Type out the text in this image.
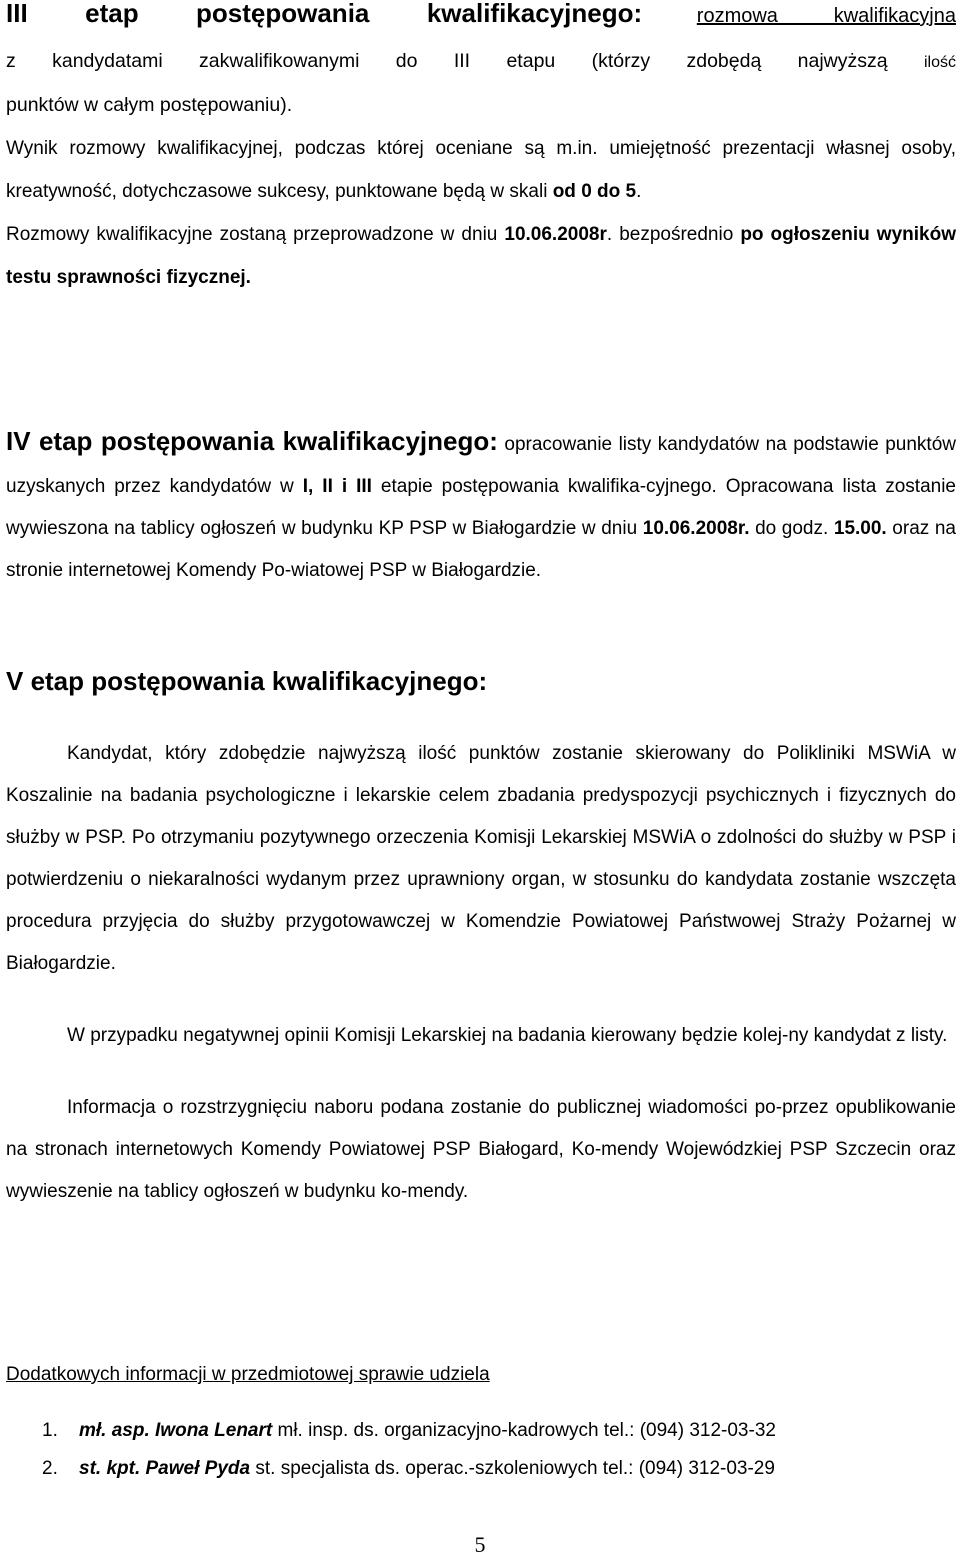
III etap postępowania kwalifikacyjnego:	rozmowa kwalifikacyjna

z kandydatami zakwalifikowanymi do III etapu (którzy zdobędą najwyższą ilość

punktów w całym postępowaniu).

Wynik rozmowy kwalifikacyjnej, podczas której oceniane są m.in. umiejętność prezentacji własnej osoby, kreatywność, dotychczasowe sukcesy, punktowane będą w skali od 0 do 5.

Rozmowy kwalifikacyjne zostaną przeprowadzone w dniu 10.06.2008r. bezpośrednio po ogłoszeniu wyników testu sprawności fizycznej.

IV etap postępowania kwalifikacyjnego: opracowanie listy kandydatów na podstawie punktów uzyskanych przez kandydatów w I, II i III etapie postępowania kwalifika-cyjnego. Opracowana lista zostanie wywieszona na tablicy ogłoszeń w budynku KP PSP w Białogardzie w dniu 10.06.2008r. do godz. 15.00. oraz na stronie internetowej Komendy Po-wiatowej PSP w Białogardzie.

V etap postępowania kwalifikacyjnego:

Kandydat, który zdobędzie najwyższą ilość punktów zostanie skierowany do Polikliniki MSWiA w Koszalinie na badania psychologiczne i lekarskie celem zbadania predyspozycji psychicznych i fizycznych do służby w PSP. Po otrzymaniu pozytywnego orzeczenia Komisji Lekarskiej MSWiA o zdolności do służby w PSP i potwierdzeniu o niekaralności wydanym przez uprawniony organ, w stosunku do kandydata zostanie wszczęta procedura przyjęcia do służby przygotowawczej w Komendzie Powiatowej Państwowej Straży Pożarnej w Białogardzie.

W przypadku negatywnej opinii Komisji Lekarskiej na badania kierowany będzie kolej-ny kandydat z listy.

Informacja o rozstrzygnięciu naboru podana zostanie do publicznej wiadomości po-przez opublikowanie na stronach internetowych Komendy Powiatowej PSP Białogard, Ko-mendy Wojewódzkiej PSP Szczecin oraz wywieszenie na tablicy ogłoszeń w budynku ko-mendy.

Dodatkowych informacji w przedmiotowej sprawie udziela

1. mł. asp. Iwona Lenart mł. insp. ds. organizacyjno-kadrowych tel.: (094) 312-03-32
2. st. kpt. Paweł Pyda st. specjalista ds. operac.-szkoleniowych tel.: (094) 312-03-29
5
